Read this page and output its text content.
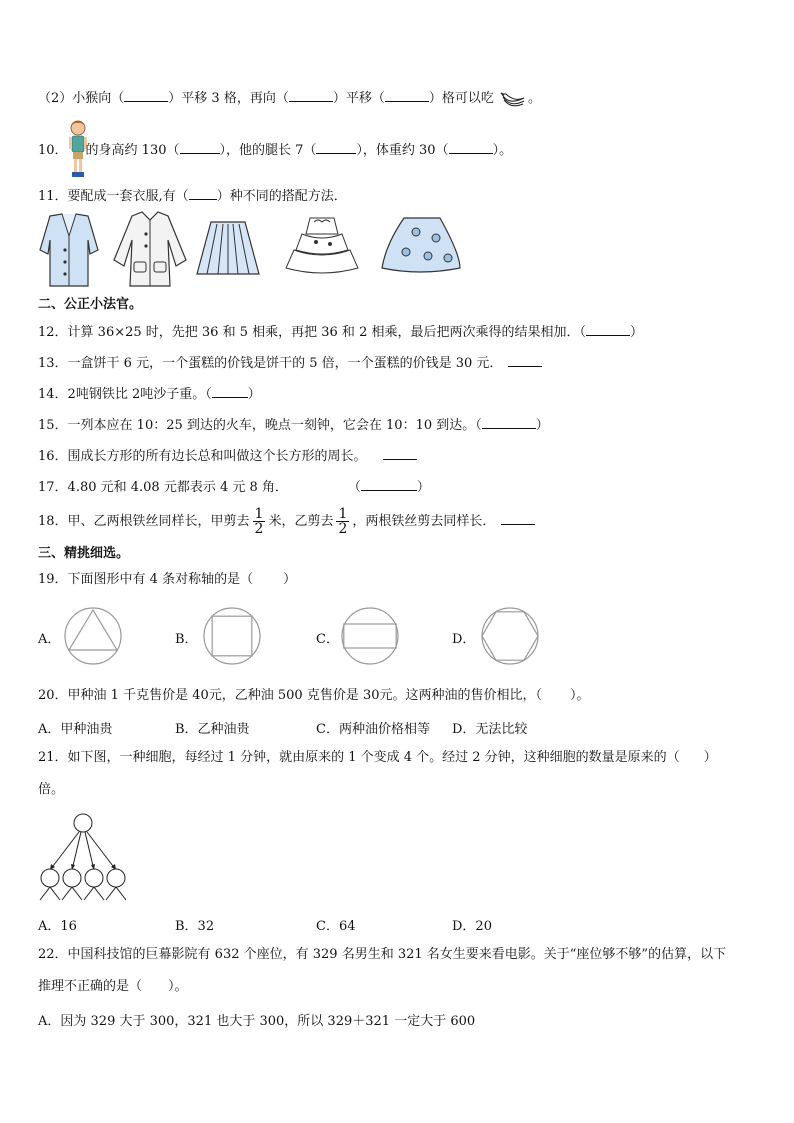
（2）小猴向（	）平移 3 格，再向（	）平移（	）格可以吃	。
10． 的身高约 130（	），他的腿长 7（	），体重约 30（	）。
11．要配成一套衣服,有（ ）种不同的搭配方法．
二、公正小法官。
12．计算 36×25 时，先把 36 和 5 相乘，再把 36 和 2 相乘，最后把两次乘得的结果相加．（	）
13．一盒饼干 6 元，一个蛋糕的价钱是饼干的 5 倍，一个蛋糕的价钱是 30 元．
14．2吨钢铁比 2吨沙子重。（	）
15．一列本应在 10：25 到达的火车，晚点一刻钟，它会在 10：10 到达。（	）
16．围成长方形的所有边长总和叫做这个长方形的周长。
17．4.80 元和 4.08 元都表示 4 元 8 角．	（	）
18．甲、乙两根铁丝同样长，甲剪去 $\frac{1}{2}$ 米，乙剪去 $\frac{1}{2}$ ，两根铁丝剪去同样长．
三、精挑细选。
19．下面图形中有 4 条对称轴的是（ ）
A．	B．	C．	D．
20．甲种油 1 千克售价是 40元，乙种油 500 克售价是 30元。这两种油的售价相比，（ ）。
A．甲种油贵	B．乙种油贵	C．两种油价格相等 D．无法比较
21．如下图，一种细胞，每经过 1 分钟，就由原来的 1 个变成 4 个。经过 2 分钟，这种细胞的数量是原来的（ ）
倍。
A．16	B．32	C．64	D．20
22．中国科技馆的巨幕影院有 632 个座位，有 329 名男生和 321 名女生要来看电影。关于“座位够不够”的估算，以下
推理不正确的是（ ）。
A．因为 329 大于 300，321 也大于 300，所以 329＋321 一定大于 600
